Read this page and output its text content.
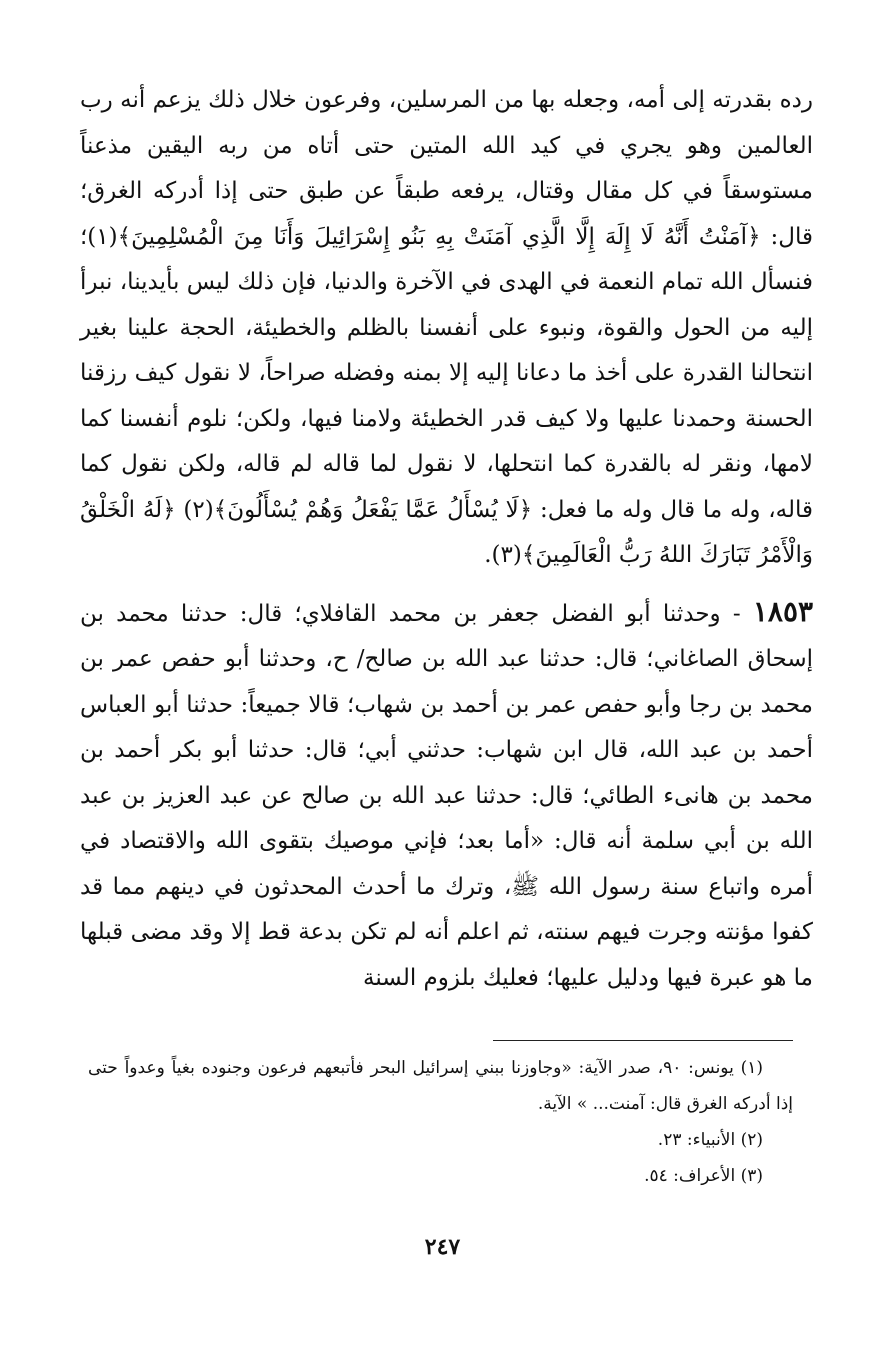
رده بقدرته إلى أمه، وجعله بها من المرسلين، وفرعون خلال ذلك يزعم أنه رب العالمين وهو يجري في كيد الله المتين حتى أتاه من ربه اليقين مذعناً مستوسقاً في كل مقال وقتال، يرفعه طبقاً عن طبق حتى إذا أدركه الغرق؛ قال: ﴿آمَنْتُ أَنَّهُ لَا إِلَهَ إِلَّا الَّذِي آمَنَتْ بِهِ بَنُو إِسْرَائِيلَ وَأَنَا مِنَ الْمُسْلِمِينَ﴾(١)؛ فنسأل الله تمام النعمة في الهدى في الآخرة والدنيا، فإن ذلك ليس بأيدينا، نبرأ إليه من الحول والقوة، ونبوء على أنفسنا بالظلم والخطيئة، الحجة علينا بغير انتحالنا القدرة على أخذ ما دعانا إليه إلا بمنه وفضله صراحاً، لا نقول كيف رزقنا الحسنة وحمدنا عليها ولا كيف قدر الخطيئة ولامنا فيها، ولكن؛ نلوم أنفسنا كما لامها، ونقر له بالقدرة كما انتحلها، لا نقول لما قاله لم قاله، ولكن نقول كما قاله، وله ما قال وله ما فعل: ﴿لَا يُسْأَلُ عَمَّا يَفْعَلُ وَهُمْ يُسْأَلُونَ﴾(٢) ﴿لَهُ الْخَلْقُ وَالْأَمْرُ تَبَارَكَ اللهُ رَبُّ الْعَالَمِينَ﴾(٣).

١٨٥٣ - وحدثنا أبو الفضل جعفر بن محمد القافلاي؛ قال: حدثنا محمد بن إسحاق الصاغاني؛ قال: حدثنا عبد الله بن صالح/ ح، وحدثنا أبو حفص عمر بن محمد بن رجا وأبو حفص عمر بن أحمد بن شهاب؛ قالا جميعاً: حدثنا أبو العباس أحمد بن عبد الله، قال ابن شهاب: حدثني أبي؛ قال: حدثنا أبو بكر أحمد بن محمد بن هانىء الطائي؛ قال: حدثنا عبد الله بن صالح عن عبد العزيز بن عبد الله بن أبي سلمة أنه قال: «أما بعد؛ فإني موصيك بتقوى الله والاقتصاد في أمره واتباع سنة رسول الله ﷺ، وترك ما أحدث المحدثون في دينهم مما قد كفوا مؤنته وجرت فيهم سنته، ثم اعلم أنه لم تكن بدعة قط إلا وقد مضى قبلها ما هو عبرة فيها ودليل عليها؛ فعليك بلزوم السنة

(١) يونس: ٩٠، صدر الآية: «وجاوزنا ببني إسرائيل البحر فأتبعهم فرعون وجنوده بغياً وعدواً حتى إذا أدركه الغرق قال: آمنت... » الآية.

(٢) الأنبياء: ٢٣.

(٣) الأعراف: ٥٤.

٢٤٧
